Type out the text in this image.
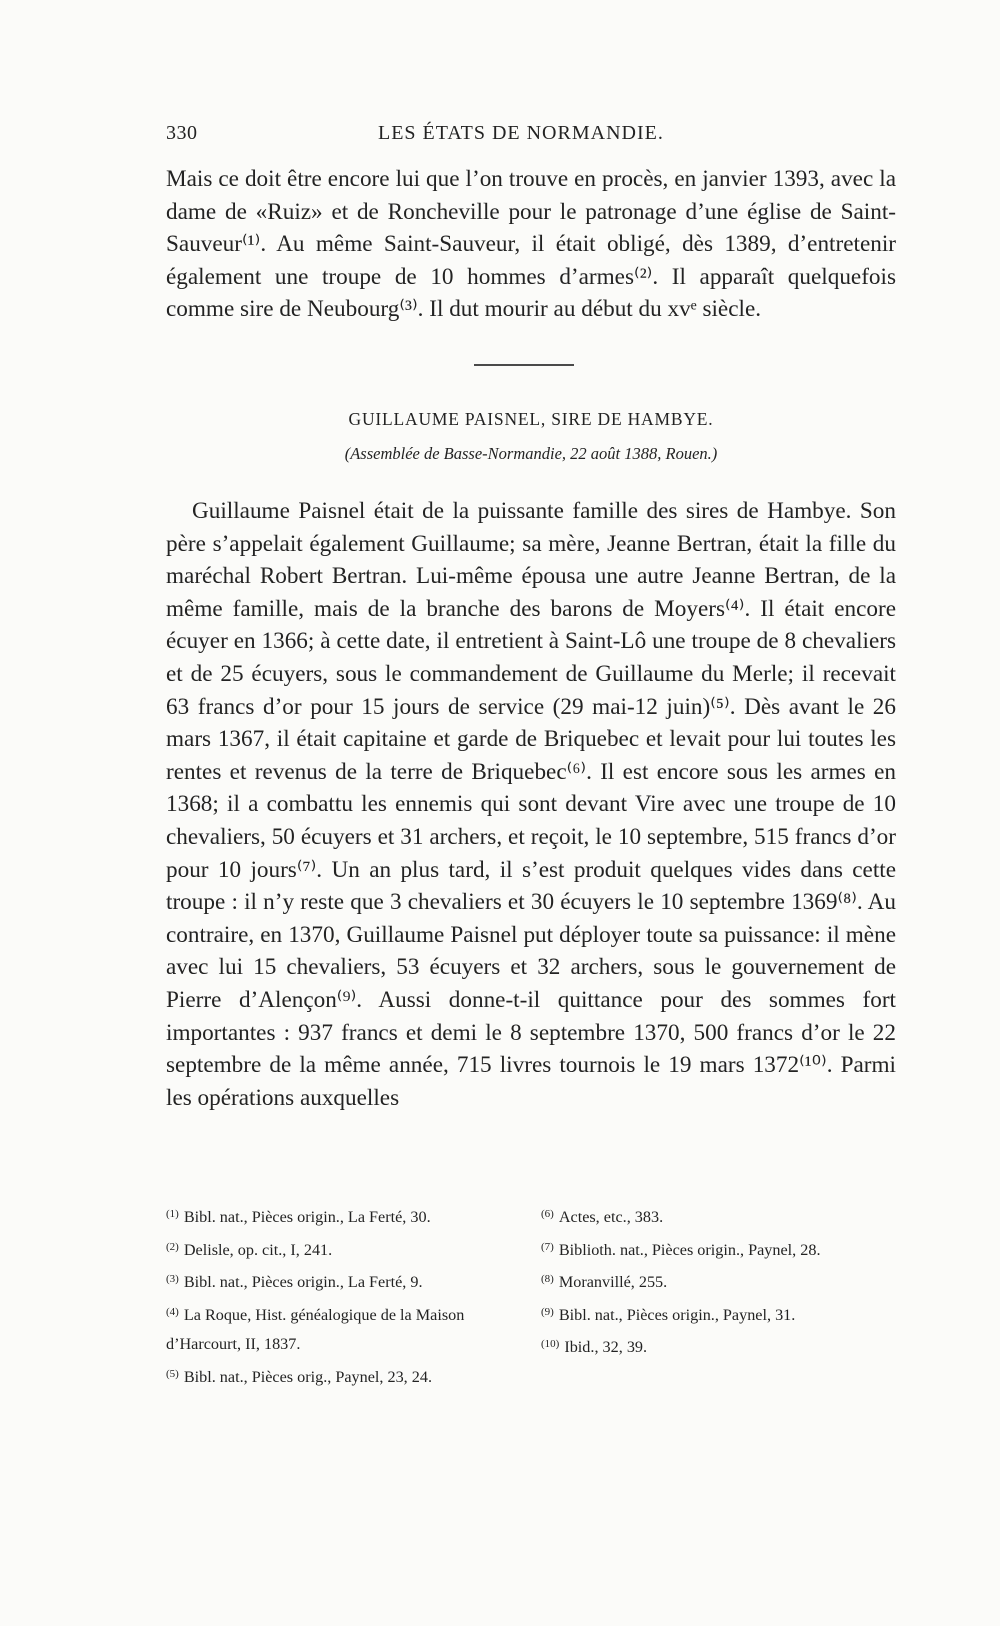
330	LES ÉTATS DE NORMANDIE.

Mais ce doit être encore lui que l’on trouve en procès, en janvier 1393, avec la dame de «Ruiz» et de Roncheville pour le patronage d’une église de Saint-Sauveur⁽¹⁾. Au même Saint-Sauveur, il était obligé, dès 1389, d’entretenir également une troupe de 10 hommes d’armes⁽²⁾. Il apparaît quelquefois comme sire de Neubourg⁽³⁾. Il dut mourir au début du xvᵉ siècle.

GUILLAUME PAISNEL, SIRE DE HAMBYE.
(Assemblée de Basse-Normandie, 22 août 1388, Rouen.)

Guillaume Paisnel était de la puissante famille des sires de Hambye. Son père s’appelait également Guillaume; sa mère, Jeanne Bertran, était la fille du maréchal Robert Bertran. Lui-même épousa une autre Jeanne Bertran, de la même famille, mais de la branche des barons de Moyers⁽⁴⁾. Il était encore écuyer en 1366; à cette date, il entretient à Saint-Lô une troupe de 8 chevaliers et de 25 écuyers, sous le commandement de Guillaume du Merle; il recevait 63 francs d’or pour 15 jours de service (29 mai-12 juin)⁽⁵⁾. Dès avant le 26 mars 1367, il était capitaine et garde de Briquebec et levait pour lui toutes les rentes et revenus de la terre de Briquebec⁽⁶⁾. Il est encore sous les armes en 1368; il a combattu les ennemis qui sont devant Vire avec une troupe de 10 chevaliers, 50 écuyers et 31 archers, et reçoit, le 10 septembre, 515 francs d’or pour 10 jours⁽⁷⁾. Un an plus tard, il s’est produit quelques vides dans cette troupe : il n’y reste que 3 chevaliers et 30 écuyers le 10 septembre 1369⁽⁸⁾. Au contraire, en 1370, Guillaume Paisnel put déployer toute sa puissance: il mène avec lui 15 chevaliers, 53 écuyers et 32 archers, sous le gouvernement de Pierre d’Alençon⁽⁹⁾. Aussi donne-t-il quittance pour des sommes fort importantes : 937 francs et demi le 8 septembre 1370, 500 francs d’or le 22 septembre de la même année, 715 livres tournois le 19 mars 1372⁽¹⁰⁾. Parmi les opérations auxquelles

$^{(1)}$ Bibl. nat., Pièces origin., La Ferté, 30.

$^{(2)}$ Delisle, op. cit., I, 241.

$^{(3)}$ Bibl. nat., Pièces origin., La Ferté, 9.

$^{(4)}$ La Roque, Hist. généalogique de la Maison d’Harcourt, II, 1837.

$^{(5)}$ Bibl. nat., Pièces orig., Paynel, 23, 24.

$^{(6)}$ Actes, etc., 383.

$^{(7)}$ Biblioth. nat., Pièces origin., Paynel, 28.

$^{(8)}$ Moranvillé, 255.

$^{(9)}$ Bibl. nat., Pièces origin., Paynel, 31.

$^{(10)}$ Ibid., 32, 39.
